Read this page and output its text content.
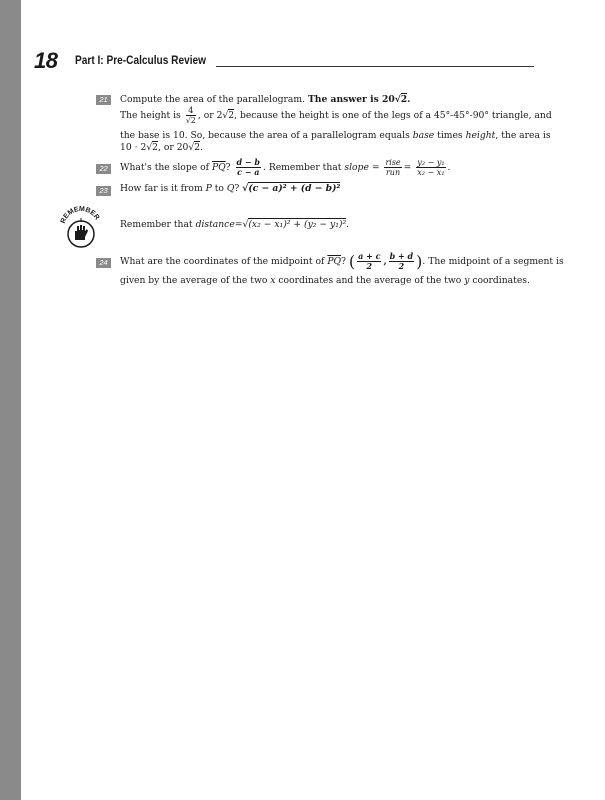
18 Part I: Pre-Calculus Review
21	Compute the area of the parallelogram. The answer is 20√2.
The height is $\frac{4}{√2}$ , or 2√2, because the height is one of the legs of a 45°-45°-90° triangle, and
the base is 10. So, because the area of a parallelogram equals base times height, the area is
10 · 2√2, or 20√2.
22	What's the slope of $\overline{PQ}$? $\frac{d - b}{c - a}$ . Remember that slope = $\frac{\text{rise}}{\text{run}} = \frac{\text{y₂ − y₁}}{\text{x₂ − x₁}}$ .
23	How far is it from P to Q? √(c − a)² + (d − b)²
REMEMBER
Remember that distance=√(x₂ − x₁)² + (y₂ − y₁)².
24	What are the coordinates of the midpoint of $\overline{PQ}$? ( $\frac{a + c}{2}$ , $\frac{b + d}{2}$ ). The midpoint of a segment is
given by the average of the two x coordinates and the average of the two y coordinates.
